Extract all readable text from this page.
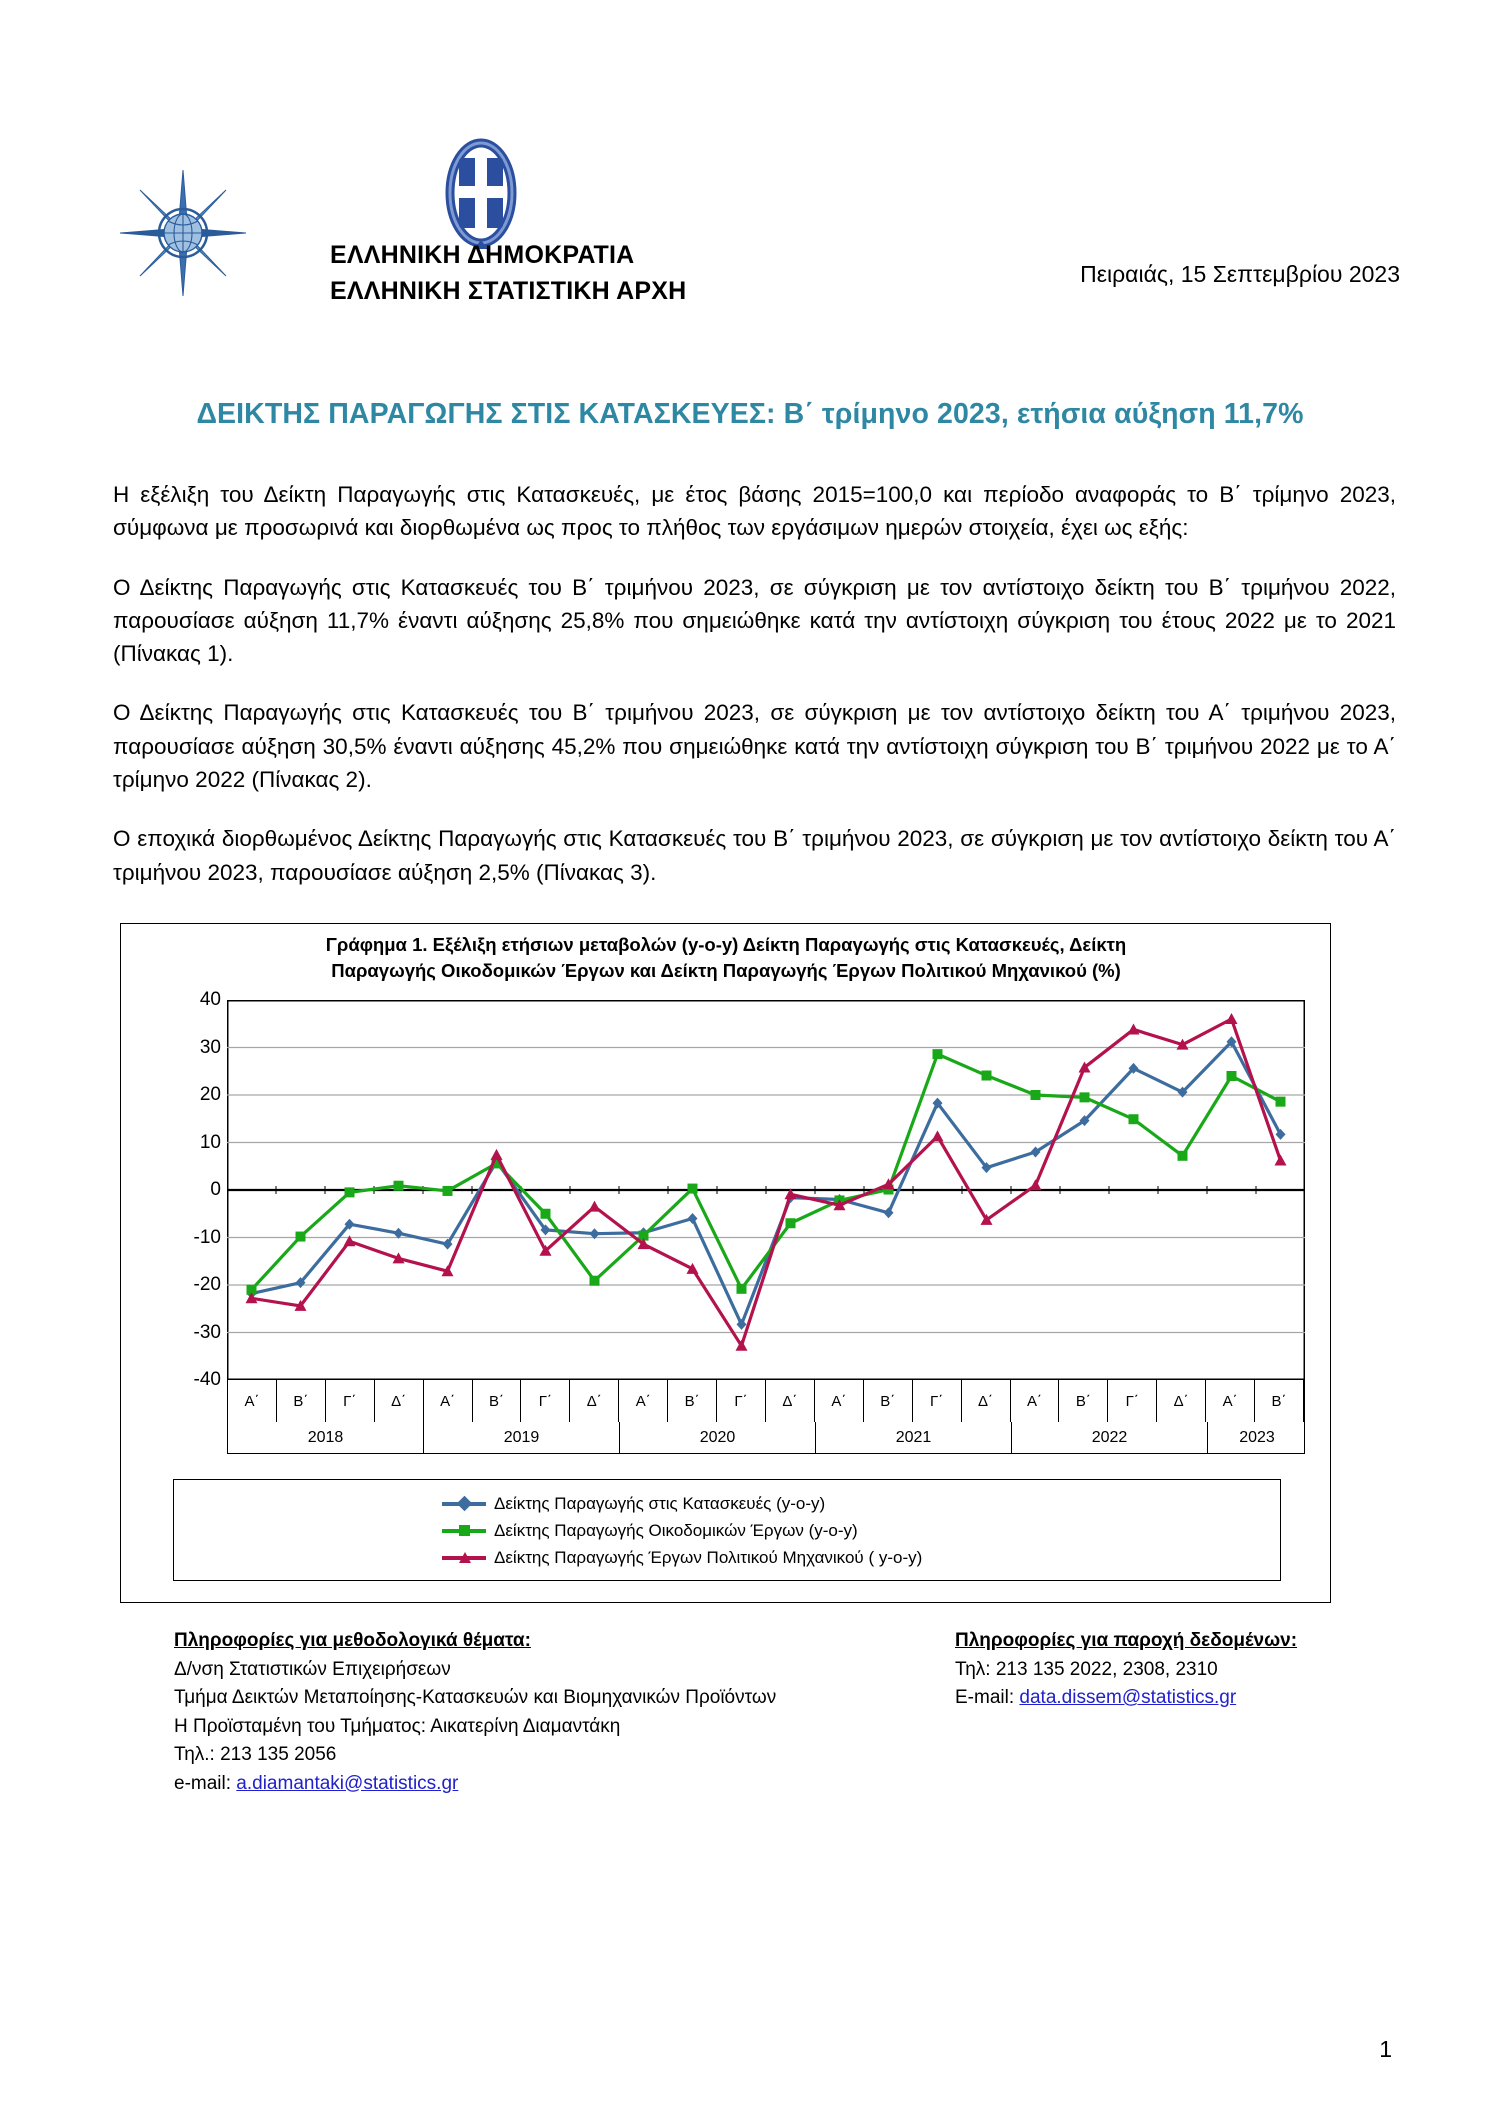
ΕΛΛΗΝΙΚΗ ΔΗΜΟΚΡΑΤΙΑ
ΕΛΛΗΝΙΚΗ ΣΤΑΤΙΣΤΙΚΗ ΑΡΧΗ
Πειραιάς, 15 Σεπτεμβρίου 2023
ΔΕΙΚΤΗΣ ΠΑΡΑΓΩΓΗΣ ΣΤΙΣ ΚΑΤΑΣΚΕΥΕΣ: Β΄ τρίμηνο 2023, ετήσια αύξηση 11,7%

Η εξέλιξη του Δείκτη Παραγωγής στις Κατασκευές, με έτος βάσης 2015=100,0 και περίοδο αναφοράς το Β΄ τρίμηνο 2023, σύμφωνα με προσωρινά και διορθωμένα ως προς το πλήθος των εργάσιμων ημερών στοιχεία, έχει ως εξής:

Ο Δείκτης Παραγωγής στις Κατασκευές του Β΄ τριμήνου 2023, σε σύγκριση με τον αντίστοιχο δείκτη του Β΄ τριμήνου 2022, παρουσίασε αύξηση 11,7% έναντι αύξησης 25,8% που σημειώθηκε κατά την αντίστοιχη σύγκριση του έτους 2022 με το 2021 (Πίνακας 1).

Ο Δείκτης Παραγωγής στις Κατασκευές του Β΄ τριμήνου 2023, σε σύγκριση με τον αντίστοιχο δείκτη του Α΄ τριμήνου 2023, παρουσίασε αύξηση 30,5% έναντι αύξησης 45,2% που σημειώθηκε κατά την αντίστοιχη σύγκριση του Β΄ τριμήνου 2022 με το Α΄ τρίμηνο 2022 (Πίνακας 2).

Ο εποχικά διορθωμένος Δείκτης Παραγωγής στις Κατασκευές του Β΄ τριμήνου 2023, σε σύγκριση με τον αντίστοιχο δείκτη του Α΄ τριμήνου 2023, παρουσίασε αύξηση 2,5% (Πίνακας 3).

Γράφημα 1. Εξέλιξη ετήσιων μεταβολών (y-o-y) Δείκτη Παραγωγής στις Κατασκευές, Δείκτη
Παραγωγής Οικοδομικών Έργων και Δείκτη Παραγωγής Έργων Πολιτικού Μηχανικού (%)
40
30
20
10
0
-10
-20
-30
-40
Α΄	Β΄	Γ΄	Δ΄	Α΄	Β΄	Γ΄	Δ΄	Α΄	Β΄	Γ΄	Δ΄	Α΄	Β΄	Γ΄	Δ΄	Α΄	Β΄	Γ΄	Δ΄	Α΄	Β΄
2018	2019	2020	2021	2022	2023
Δείκτης Παραγωγής στις Κατασκευές (y-o-y)
Δείκτης Παραγωγής Οικοδομικών Έργων (y-o-y)
Δείκτης Παραγωγής Έργων Πολιτικού Μηχανικού ( y-o-y)
Πληροφορίες για μεθοδολογικά θέματα:
Δ/νση Στατιστικών Επιχειρήσεων
Τμήμα Δεικτών Μεταποίησης-Κατασκευών και Βιομηχανικών Προϊόντων
Η Προϊσταμένη του Τμήματος: Αικατερίνη Διαμαντάκη
Τηλ.: 213 135 2056
e-mail: a.diamantaki@statistics.gr
Πληροφορίες για παροχή δεδομένων:
Τηλ: 213 135 2022, 2308, 2310
E-mail: data.dissem@statistics.gr
1
